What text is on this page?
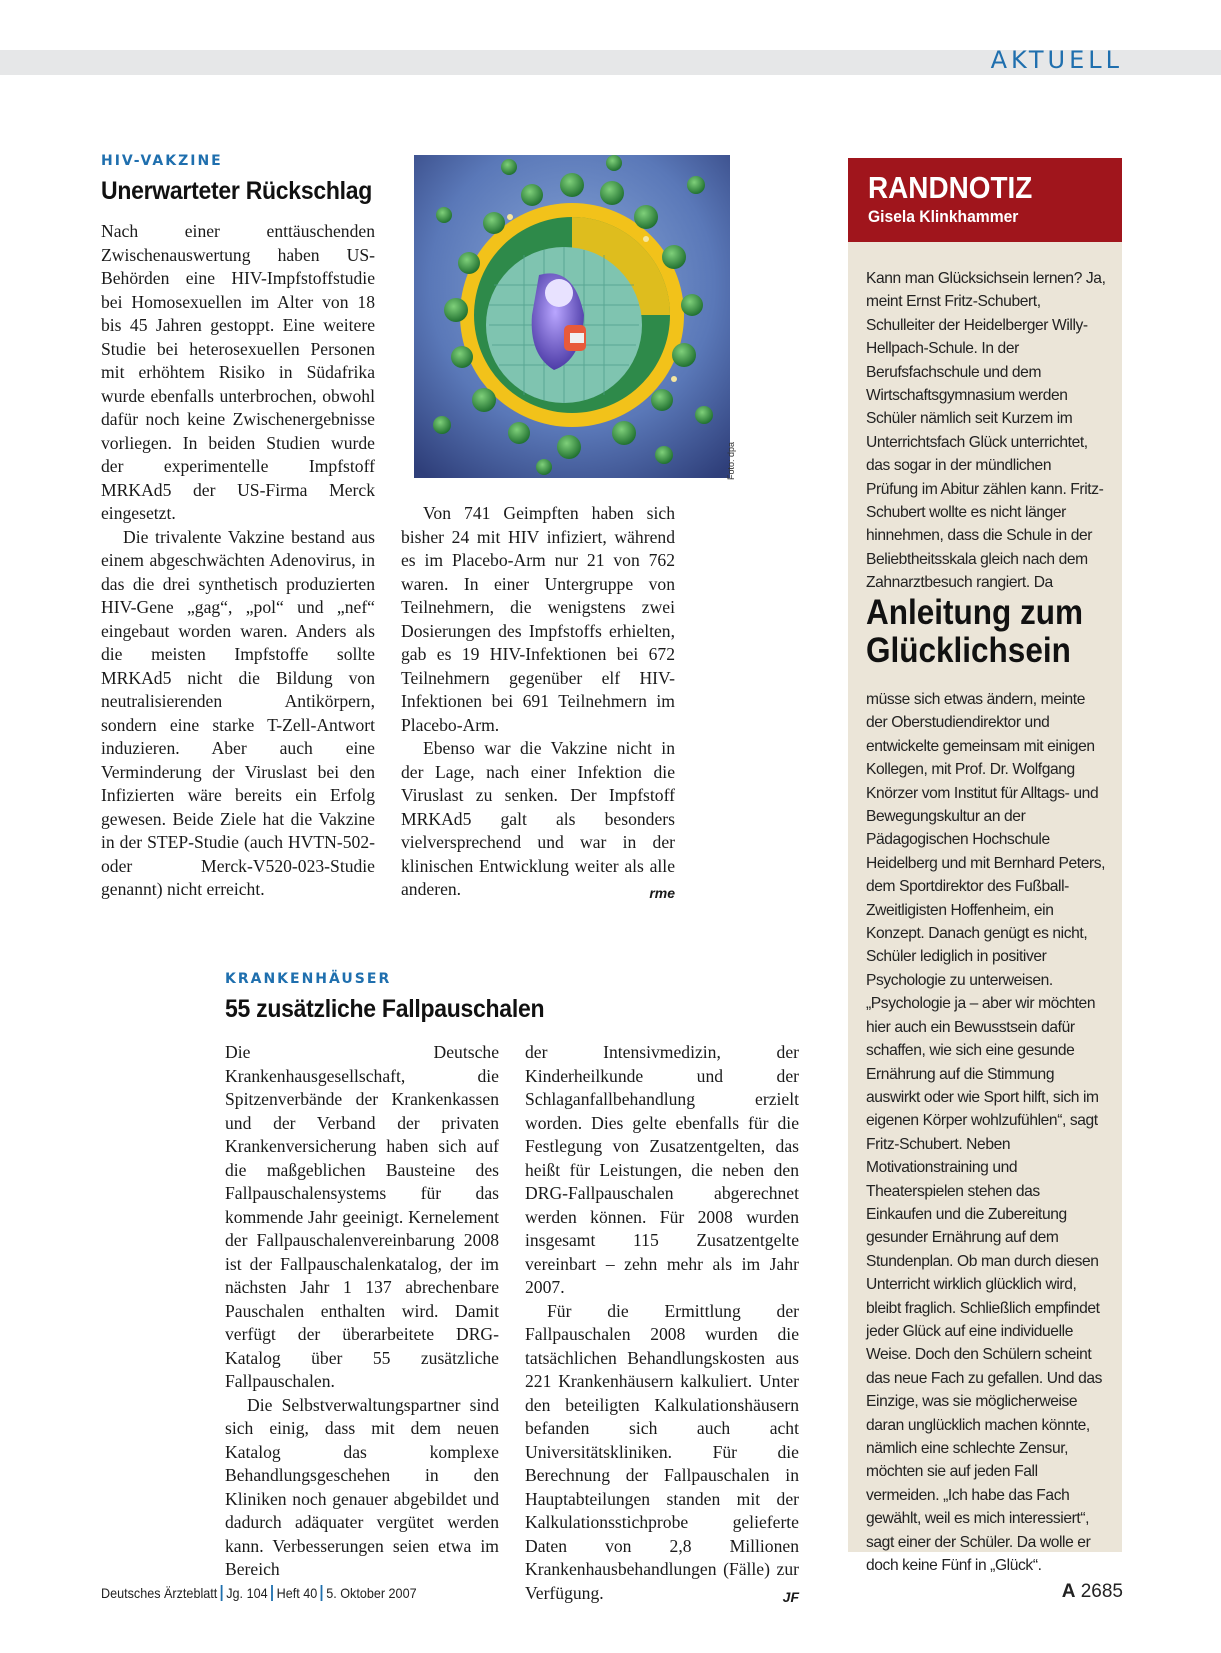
AKTUELL
HIV-VAKZINE
Unerwarteter Rückschlag

Nach einer enttäuschenden Zwischenauswertung haben US-Behörden eine HIV-Impfstoffstudie bei Homosexuellen im Alter von 18 bis 45 Jahren gestoppt. Eine weitere Studie bei heterosexuellen Personen mit erhöhtem Risiko in Südafrika wurde ebenfalls unterbrochen, obwohl dafür noch keine Zwischenergebnisse vorliegen. In beiden Studien wurde der experimentelle Impfstoff MRKAd5 der US-Firma Merck eingesetzt.

Die trivalente Vakzine bestand aus einem abgeschwächten Adenovirus, in das die drei synthetisch produzierten HIV-Gene „gag“, „pol“ und „nef“ eingebaut worden waren. Anders als die meisten Impfstoffe sollte MRKAd5 nicht die Bildung von neutralisierenden Antikörpern, sondern eine starke T-Zell-Antwort induzieren. Aber auch eine Verminderung der Viruslast bei den Infizierten wäre bereits ein Erfolg gewesen. Beide Ziele hat die Vakzine in der STEP-Studie (auch HVTN-502- oder Merck-V520-023-Studie genannt) nicht erreicht.

Foto: dpa

Von 741 Geimpften haben sich bisher 24 mit HIV infiziert, während es im Placebo-Arm nur 21 von 762 waren. In einer Untergruppe von Teilnehmern, die wenigstens zwei Dosierungen des Impfstoffs erhielten, gab es 19 HIV-Infektionen bei 672 Teilnehmern gegenüber elf HIV-Infektionen bei 691 Teilnehmern im Placebo-Arm.

Ebenso war die Vakzine nicht in der Lage, nach einer Infektion die Viruslast zu senken. Der Impfstoff MRKAd5 galt als besonders vielversprechend und war in der klinischen Entwicklung weiter als alle anderen.	rme

KRANKENHÄUSER
55 zusätzliche Fallpauschalen

Die Deutsche Krankenhausgesellschaft, die Spitzenverbände der Krankenkassen und der Verband der privaten Krankenversicherung haben sich auf die maßgeblichen Bausteine des Fallpauschalensystems für das kommende Jahr geeinigt. Kernelement der Fallpauschalenvereinbarung 2008 ist der Fallpauschalenkatalog, der im nächsten Jahr 1 137 abrechenbare Pauschalen enthalten wird. Damit verfügt der überarbeitete DRG-Katalog über 55 zusätzliche Fallpauschalen.

Die Selbstverwaltungspartner sind sich einig, dass mit dem neuen Katalog das komplexe Behandlungsgeschehen in den Kliniken noch genauer abgebildet und dadurch adäquater vergütet werden kann. Verbesserungen seien etwa im Bereich

der Intensivmedizin, der Kinderheilkunde und der Schlaganfallbehandlung erzielt worden. Dies gelte ebenfalls für die Festlegung von Zusatzentgelten, das heißt für Leistungen, die neben den DRG-Fallpauschalen abgerechnet werden können. Für 2008 wurden insgesamt 115 Zusatzentgelte vereinbart – zehn mehr als im Jahr 2007.

Für die Ermittlung der Fallpauschalen 2008 wurden die tatsächlichen Behandlungskosten aus 221 Krankenhäusern kalkuliert. Unter den beteiligten Kalkulationshäusern befanden sich auch acht Universitätskliniken. Für die Berechnung der Fallpauschalen in Hauptabteilungen standen mit der Kalkulationsstichprobe gelieferte Daten von 2,8 Millionen Krankenhausbehandlungen (Fälle) zur Verfügung.	JF

RANDNOTIZ
Gisela Klinkhammer

Kann man Glücksichsein lernen? Ja, meint Ernst Fritz-Schubert, Schulleiter der Heidelberger Willy-Hellpach-Schule. In der Berufsfachschule und dem Wirtschaftsgymnasium werden Schüler nämlich seit Kurzem im Unterrichtsfach Glück unterrichtet, das sogar in der mündlichen Prüfung im Abitur zählen kann. Fritz-Schubert wollte es nicht länger hinnehmen, dass die Schule in der Beliebtheitsskala gleich nach dem Zahnarztbesuch rangiert. Da

Anleitung zum Glücklichsein

müsse sich etwas ändern, meinte der Oberstudiendirektor und entwickelte gemeinsam mit einigen Kollegen, mit Prof. Dr. Wolfgang Knörzer vom Institut für Alltags- und Bewegungskultur an der Pädagogischen Hochschule Heidelberg und mit Bernhard Peters, dem Sportdirektor des Fußball-Zweitligisten Hoffenheim, ein Konzept. Danach genügt es nicht, Schüler lediglich in positiver Psychologie zu unterweisen. „Psychologie ja – aber wir möchten hier auch ein Bewusstsein dafür schaffen, wie sich eine gesunde Ernährung auf die Stimmung auswirkt oder wie Sport hilft, sich im eigenen Körper wohlzufühlen“, sagt Fritz-Schubert. Neben Motivationstraining und Theaterspielen stehen das Einkaufen und die Zubereitung gesunder Ernährung auf dem Stundenplan. Ob man durch diesen Unterricht wirklich glücklich wird, bleibt fraglich. Schließlich empfindet jeder Glück auf eine individuelle Weise. Doch den Schülern scheint das neue Fach zu gefallen. Und das Einzige, was sie möglicherweise daran unglücklich machen könnte, nämlich eine schlechte Zensur, möchten sie auf jeden Fall vermeiden. „Ich habe das Fach gewählt, weil es mich interessiert“, sagt einer der Schüler. Da wolle er doch keine Fünf in „Glück“.

Deutsches Ärzteblatt Jg. 104 Heft 40 5. Oktober 2007	A 2685
